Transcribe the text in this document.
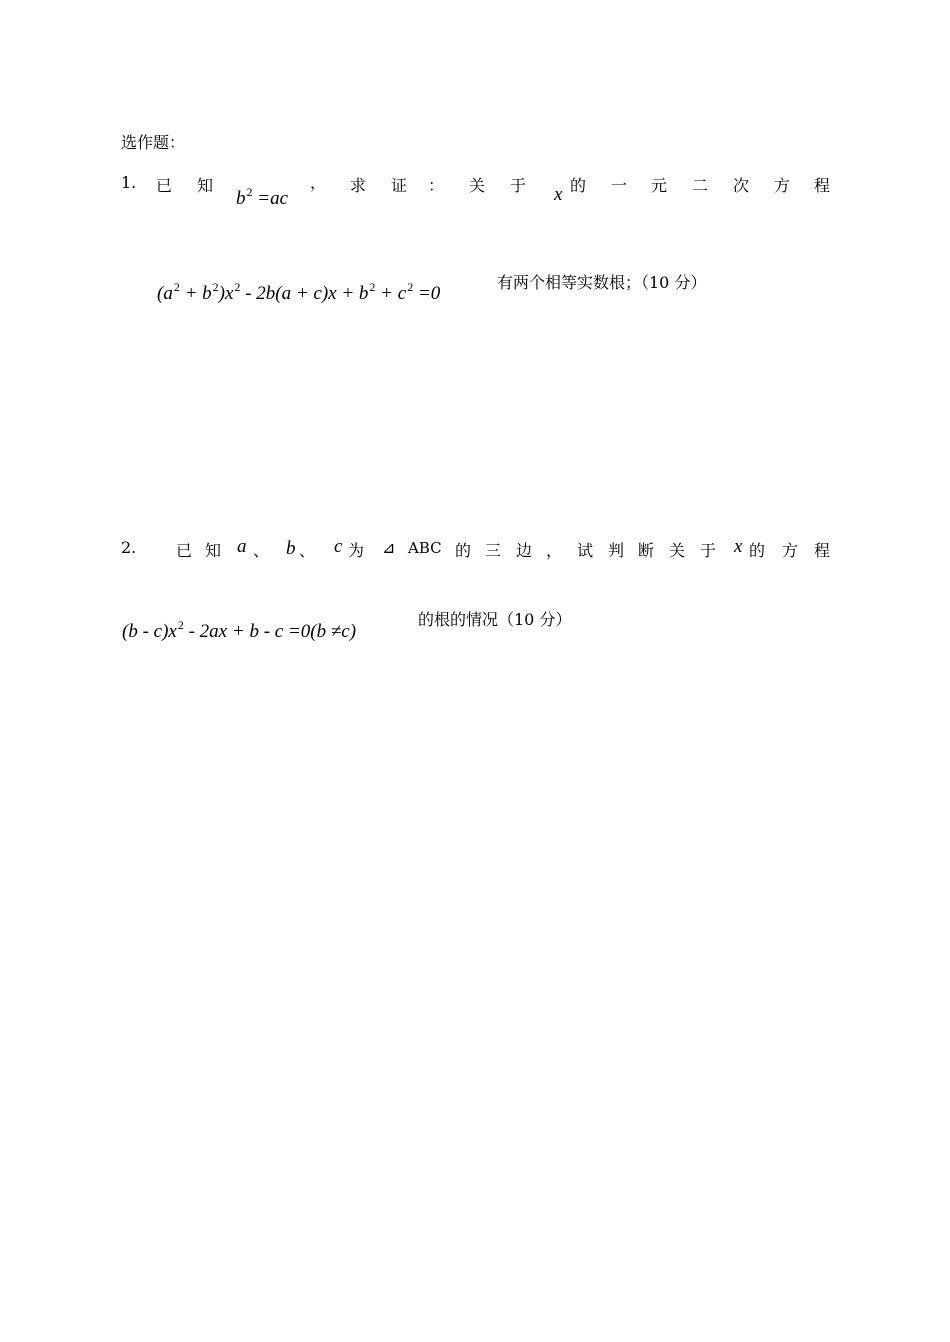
选作题：
1. 已 知
$b^2 =ac$
， 求 证 ： 关 于 x 的 一 元 二 次 方 程
$(a^2 + b^2)x^2 - 2b(a + c)x + b^2 + c^2 =0$
有两个相等实数根；（10 分）
2. 已 知 a 、 b 、 c 为 ⊿ ABC 的 三 边 ， 试 判 断 关 于 x 的 方 程
$(b - c)x^2 - 2ax + b - c =0(b \ne c)$
的根的情况（10 分）
